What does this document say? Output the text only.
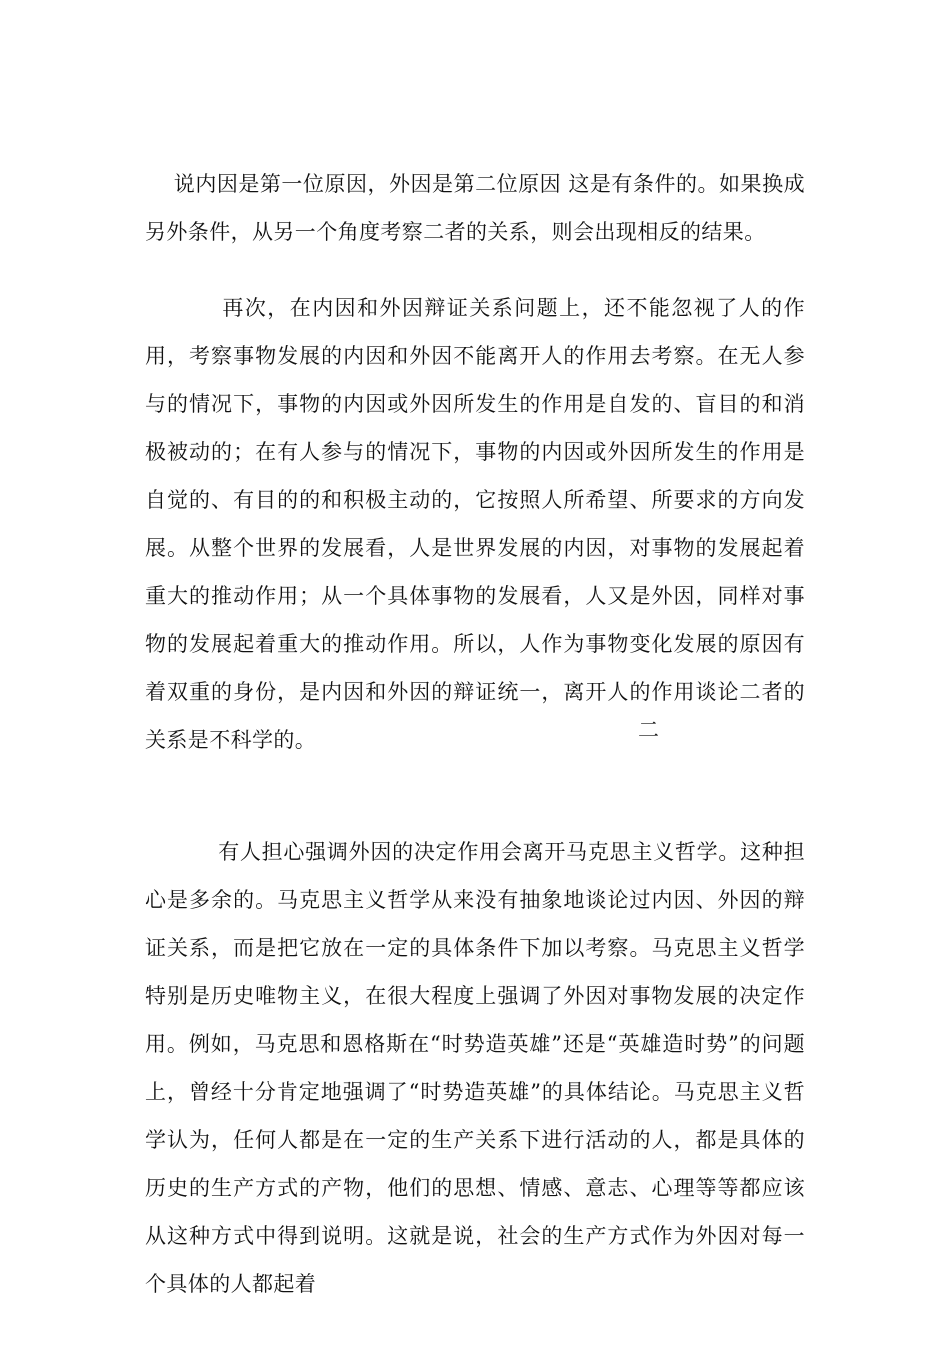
说内因是第一位原因，外因是第二位原因 这是有条件的。如果换成另外条件，从另一个角度考察二者的关系，则会出现相反的结果。

　　再次，在内因和外因辩证关系问题上，还不能忽视了人的作用，考察事物发展的内因和外因不能离开人的作用去考察。在无人参与的情况下，事物的内因或外因所发生的作用是自发的、盲目的和消极被动的；在有人参与的情况下，事物的内因或外因所发生的作用是自觉的、有目的的和积极主动的，它按照人所希望、所要求的方向发展。从整个世界的发展看，人是世界发展的内因，对事物的发展起着重大的推动作用；从一个具体事物的发展看，人又是外因，同样对事物的发展起着重大的推动作用。所以，人作为事物变化发展的原因有着双重的身份，是内因和外因的辩证统一，离开人的作用谈论二者的关系是不科学的。
	二

　　有人担心强调外因的决定作用会离开马克思主义哲学。这种担心是多余的。马克思主义哲学从来没有抽象地谈论过内因、外因的辩证关系，而是把它放在一定的具体条件下加以考察。马克思主义哲学特别是历史唯物主义，在很大程度上强调了外因对事物发展的决定作用。例如，马克思和恩格斯在“时势造英雄”还是“英雄造时势”的问题上，曾经十分肯定地强调了“时势造英雄”的具体结论。马克思主义哲学认为，任何人都是在一定的生产关系下进行活动的人，都是具体的历史的生产方式的产物，他们的思想、情感、意志、心理等等都应该从这种方式中得到说明。这就是说，社会的生产方式作为外因对每一个具体的人都起着
